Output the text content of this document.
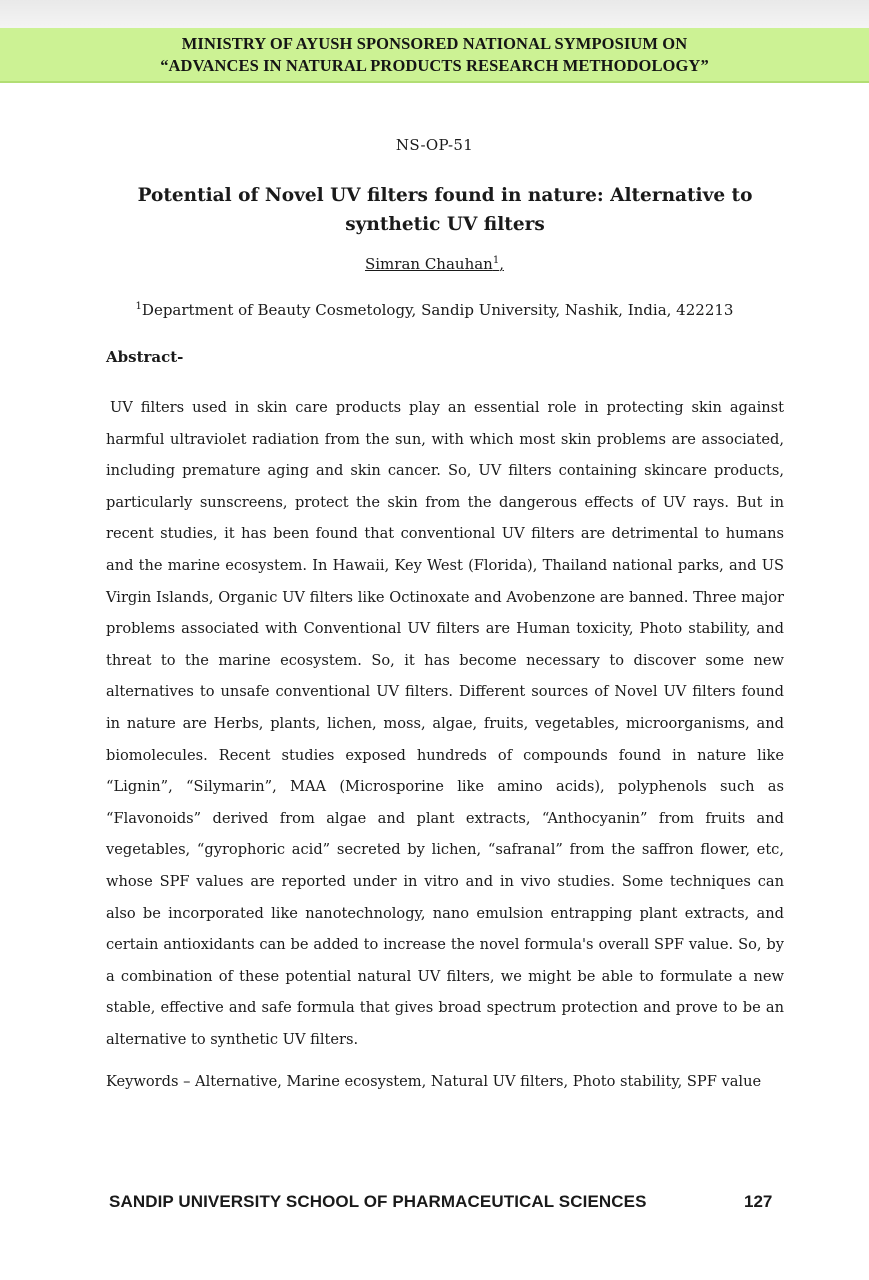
MINISTRY OF AYUSH SPONSORED NATIONAL SYMPOSIUM ON
“ADVANCES IN NATURAL PRODUCTS RESEARCH METHODOLOGY”
NS-OP-51
Potential of Novel UV filters found in nature: Alternative to synthetic UV filters
Simran Chauhan$^1$,
$^1$Department of Beauty Cosmetology, Sandip University, Nashik, India, 422213
Abstract-

UV filters used in skin care products play an essential role in protecting skin against harmful ultraviolet radiation from the sun, with which most skin problems are associated, including premature aging and skin cancer. So, UV filters containing skincare products, particularly sunscreens, protect the skin from the dangerous effects of UV rays. But in recent studies, it has been found that conventional UV filters are detrimental to humans and the marine ecosystem. In Hawaii, Key West (Florida), Thailand national parks, and US Virgin Islands, Organic UV filters like Octinoxate and Avobenzone are banned. Three major problems associated with Conventional UV filters are Human toxicity, Photo stability, and threat to the marine ecosystem. So, it has become necessary to discover some new alternatives to unsafe conventional UV filters. Different sources of Novel UV filters found in nature are Herbs, plants, lichen, moss, algae, fruits, vegetables, microorganisms, and biomolecules. Recent studies exposed hundreds of compounds found in nature like “Lignin”, “Silymarin”, MAA (Microsporine like amino acids), polyphenols such as “Flavonoids” derived from algae and plant extracts, “Anthocyanin” from fruits and vegetables, “gyrophoric acid” secreted by lichen, “safranal” from the saffron flower, etc, whose SPF values are reported under in vitro and in vivo studies. Some techniques can also be incorporated like nanotechnology, nano emulsion entrapping plant extracts, and certain antioxidants can be added to increase the novel formula's overall SPF value. So, by a combination of these potential natural UV filters, we might be able to formulate a new stable, effective and safe formula that gives broad spectrum protection and prove to be an alternative to synthetic UV filters.

Keywords – Alternative, Marine ecosystem, Natural UV filters, Photo stability, SPF value
SANDIP UNIVERSITY SCHOOL OF PHARMACEUTICAL SCIENCES	127
